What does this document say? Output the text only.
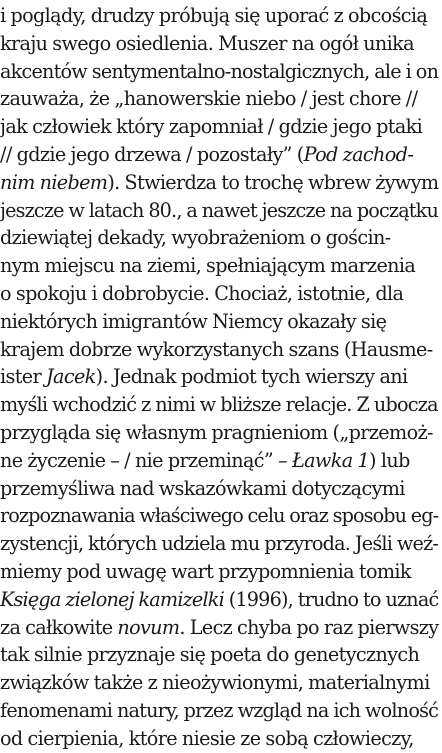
i poglądy, drudzy próbują się uporać z obcością
kraju swego osiedlenia. Muszer na ogół unika
akcentów sentymentalno-nostalgicznych, ale i on
zauważa, że „hanowerskie niebo / jest chore //
jak człowiek który zapomniał / gdzie jego ptaki
// gdzie jego drzewa / pozostały” (Pod zachod-
nim niebem). Stwierdza to trochę wbrew żywym
jeszcze w latach 80., a nawet jeszcze na początku
dziewiątej dekady, wyobrażeniom o gościn-
nym miejscu na ziemi, spełniającym marzenia
o spokoju i dobrobycie. Chociaż, istotnie, dla
niektórych imigrantów Niemcy okazały się
krajem dobrze wykorzystanych szans (Hausme-
ister Jacek). Jednak podmiot tych wierszy ani
myśli wchodzić z nimi w bliższe relacje. Z ubocza
przygląda się własnym pragnieniom („przemoż-
ne życzenie – / nie przeminąć” – Ławka 1) lub
przemyśliwa nad wskazówkami dotyczącymi
rozpoznawania właściwego celu oraz sposobu eg-
zystencji, których udziela mu przyroda. Jeśli weź-
miemy pod uwagę wart przypomnienia tomik
Księga zielonej kamizelki (1996), trudno to uznać
za całkowite novum. Lecz chyba po raz pierwszy
tak silnie przyznaje się poeta do genetycznych
związków także z nieożywionymi, materialnymi
fenomenami natury, przez wzgląd na ich wolność
od cierpienia, które niesie ze sobą człowieczy,
